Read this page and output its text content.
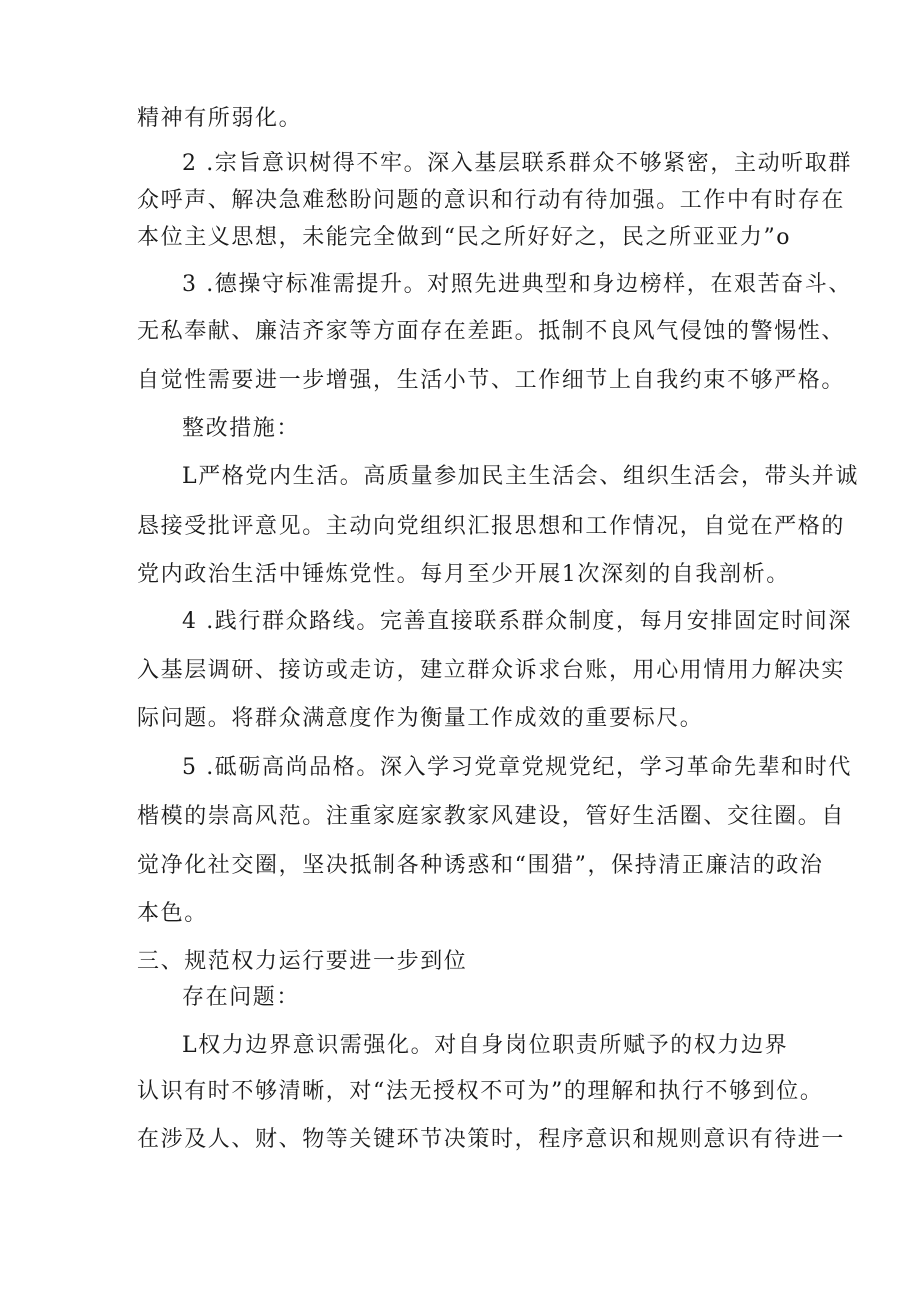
精神有所弱化。
2 .宗旨意识树得不牢。深入基层联系群众不够紧密，主动听取群
众呼声、解决急难愁盼问题的意识和行动有待加强。工作中有时存在
本位主义思想，未能完全做到“民之所好好之，民之所亚亚力”o
3 .德操守标准需提升。对照先进典型和身边榜样，在艰苦奋斗、
无私奉献、廉洁齐家等方面存在差距。抵制不良风气侵蚀的警惕性、
自觉性需要进一步增强，生活小节、工作细节上自我约束不够严格。
整改措施：
L严格党内生活。高质量参加民主生活会、组织生活会，带头并诚
恳接受批评意见。主动向党组织汇报思想和工作情况，自觉在严格的
党内政治生活中锤炼党性。每月至少开展1次深刻的自我剖析。
4 .践行群众路线。完善直接联系群众制度，每月安排固定时间深
入基层调研、接访或走访，建立群众诉求台账，用心用情用力解决实
际问题。将群众满意度作为衡量工作成效的重要标尺。
5 .砥砺高尚品格。深入学习党章党规党纪，学习革命先辈和时代
楷模的崇高风范。注重家庭家教家风建设，管好生活圈、交往圈。自
觉净化社交圈，坚决抵制各种诱惑和“围猎”，保持清正廉洁的政治
本色。
三、规范权力运行要进一步到位
存在问题：
L权力边界意识需强化。对自身岗位职责所赋予的权力边界
认识有时不够清晰，对“法无授权不可为”的理解和执行不够到位。
在涉及人、财、物等关键环节决策时，程序意识和规则意识有待进一
